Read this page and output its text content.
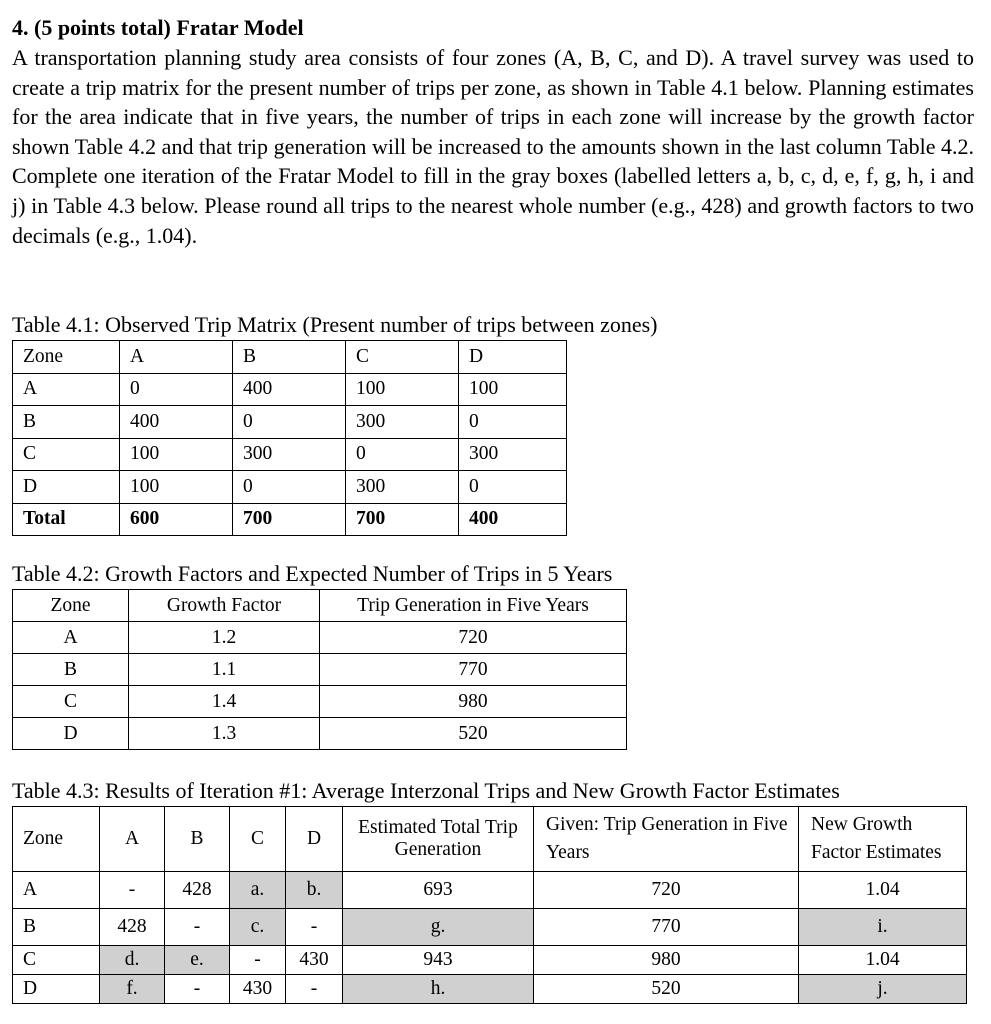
4. (5 points total) Fratar Model

A transportation planning study area consists of four zones (A, B, C, and D). A travel survey was used to create a trip matrix for the present number of trips per zone, as shown in Table 4.1 below. Planning estimates for the area indicate that in five years, the number of trips in each zone will increase by the growth factor shown Table 4.2 and that trip generation will be increased to the amounts shown in the last column Table 4.2. Complete one iteration of the Fratar Model to fill in the gray boxes (labelled letters a, b, c, d, e, f, g, h, i and j) in Table 4.3 below. Please round all trips to the nearest whole number (e.g., 428) and growth factors to two decimals (e.g., 1.04).

Table 4.1: Observed Trip Matrix (Present number of trips between zones)
Zone	A	B	C	D
A	0	400	100	100
B	400	0	300	0
C	100	300	0	300
D	100	0	300	0
Total	600	700	700	400
Table 4.2: Growth Factors and Expected Number of Trips in 5 Years
Zone	Growth Factor	Trip Generation in Five Years
A	1.2	720
B	1.1	770
C	1.4	980
D	1.3	520
Table 4.3: Results of Iteration #1: Average Interzonal Trips and New Growth Factor Estimates
Zone	A	B	C	D	Estimated Total Trip Generation	Given: Trip Generation in Five Years	New Growth Factor Estimates
A	-	428	a.	b.	693	720	1.04
B	428	-	c.	-	g.	770	i.
C	d.	e.	-	430	943	980	1.04
D	f.	-	430	-	h.	520	j.
